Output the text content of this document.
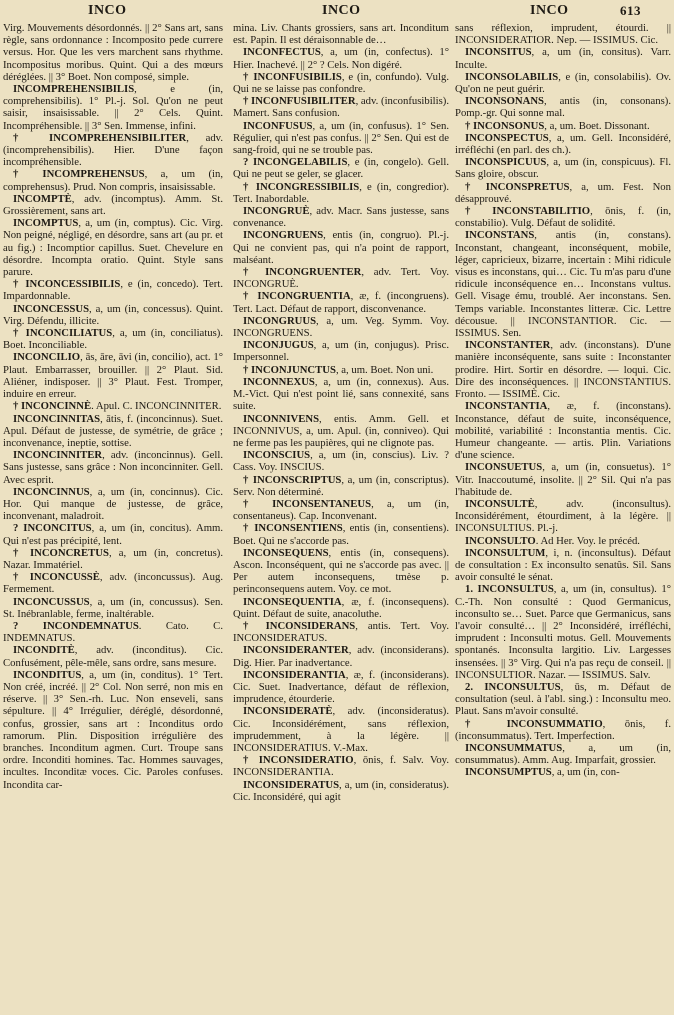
INCO	INCO	INCO	613

Virg. Mouvements désordonnés. || 2° Sans art, sans règle, sans ordonnance : Incomposito pede currere versus. Hor. Que les vers marchent sans rhythme. Incompositus moribus. Quint. Qui a des mœurs déréglées. || 3° Boet. Non composé, simple.

INCOMPREHENSIBILIS, e (in, comprehensibilis). 1° Pl.-j. Sol. Qu'on ne peut saisir, insaisissable. || 2° Cels. Quint. Incompréhensible. || 3° Sen. Immense, infini.

† INCOMPREHENSIBILITER, adv. (incomprehensibilis). Hier. D'une façon incompréhensible.

† INCOMPREHENSUS, a, um (in, comprehensus). Prud. Non compris, insaisissable.

INCOMPTÈ, adv. (incomptus). Amm. St. Grossièrement, sans art.

INCOMPTUS, a, um (in, comptus). Cic. Virg. Non peigné, négligé, en désordre, sans art (au pr. et au fig.) : Incomptior capillus. Suet. Chevelure en désordre. Incompta oratio. Quint. Style sans parure.

† INCONCESSIBILIS, e (in, concedo). Tert. Impardonnable.

INCONCESSUS, a, um (in, concessus). Quint. Virg. Défendu, illicite.

† INCONCILIATUS, a, um (in, conciliatus). Boet. Inconciliable.

INCONCILIO, ās, āre, āvi (in, concilio), act. 1° Plaut. Embarrasser, brouiller. || 2° Plaut. Sid. Aliéner, indisposer. || 3° Plaut. Fest. Tromper, induire en erreur.

† INCONCINNÈ. Apul. C. INCONCINNITER.

INCONCINNITAS, ātis, f. (inconcinnus). Suet. Apul. Défaut de justesse, de symétrie, de grâce ; inconvenance, ineptie, sottise.

INCONCINNITER, adv. (inconcinnus). Gell. Sans justesse, sans grâce : Non inconcinniter. Gell. Avec esprit.

INCONCINNUS, a, um (in, concinnus). Cic. Hor. Qui manque de justesse, de grâce, inconvenant, maladroit.

? INCONCITUS, a, um (in, concitus). Amm. Qui n'est pas précipité, lent.

† INCONCRETUS, a, um (in, concretus). Nazar. Immatériel.

† INCONCUSSÈ, adv. (inconcussus). Aug. Fermement.

INCONCUSSUS, a, um (in, concussus). Sen. St. Inébranlable, ferme, inaltérable.

? INCONDEMNATUS. Cato. C. INDEMNATUS.

INCONDITÈ, adv. (inconditus). Cic. Confusément, pêle-mêle, sans ordre, sans mesure.

INCONDITUS, a, um (in, conditus). 1° Tert. Non créé, incréé. || 2° Col. Non serré, non mis en réserve. || 3° Sen.-rh. Luc. Non enseveli, sans sépulture. || 4° Irrégulier, déréglé, désordonné, confus, grossier, sans art : Inconditus ordo ramorum. Plin. Disposition irrégulière des branches. Inconditum agmen. Curt. Troupe sans ordre. Inconditi homines. Tac. Hommes sauvages, incultes. Inconditæ voces. Cic. Paroles confuses. Incondita car-

mina. Liv. Chants grossiers, sans art. Inconditum est. Papin. Il est déraisonnable de…

INCONFECTUS, a, um (in, confectus). 1° Hier. Inachevé. || 2° ? Cels. Non digéré.

† INCONFUSIBILIS, e (in, confundo). Vulg. Qui ne se laisse pas confondre.

† INCONFUSIBILITER, adv. (inconfusibilis). Mamert. Sans confusion.

INCONFUSUS, a, um (in, confusus). 1° Sen. Régulier, qui n'est pas confus. || 2° Sen. Qui est de sang-froid, qui ne se trouble pas.

? INCONGELABILIS, e (in, congelo). Gell. Qui ne peut se geler, se glacer.

† INCONGRESSIBILIS, e (in, congredior). Tert. Inabordable.

INCONGRUÈ, adv. Macr. Sans justesse, sans convenance.

INCONGRUENS, entis (in, congruo). Pl.-j. Qui ne convient pas, qui n'a point de rapport, malséant.

† INCONGRUENTER, adv. Tert. Voy. INCONGRUÈ.

† INCONGRUENTIA, æ, f. (incongruens). Tert. Lact. Défaut de rapport, disconvenance.

INCONGRUUS, a, um. Veg. Symm. Voy. INCONGRUENS.

INCONJUGUS, a, um (in, conjugus). Prisc. Impersonnel.

† INCONJUNCTUS, a, um. Boet. Non uni.

INCONNEXUS, a, um (in, connexus). Aus. M.-Vict. Qui n'est point lié, sans connexité, sans suite.

INCONNIVENS, entis. Amm. Gell. et INCONNIVUS, a, um. Apul. (in, conniveo). Qui ne ferme pas les paupières, qui ne clignote pas.

INCONSCIUS, a, um (in, conscius). Liv. ? Cass. Voy. INSCIUS.

† INCONSCRIPTUS, a, um (in, conscriptus). Serv. Non déterminé.

† INCONSENTANEUS, a, um (in, consentaneus). Cap. Inconvenant.

† INCONSENTIENS, entis (in, consentiens). Boet. Qui ne s'accorde pas.

INCONSEQUENS, entis (in, consequens). Ascon. Inconséquent, qui ne s'accorde pas avec. || Per autem inconsequens, tmèse p. perinconsequens autem. Voy. ce mot.

INCONSEQUENTIA, æ, f. (inconsequens). Quint. Défaut de suite, anacoluthe.

† INCONSIDERANS, antis. Tert. Voy. INCONSIDERATUS.

INCONSIDERANTER, adv. (inconsiderans). Dig. Hier. Par inadvertance.

INCONSIDERANTIA, æ, f. (inconsiderans). Cic. Suet. Inadvertance, défaut de réflexion, imprudence, étourderie.

INCONSIDERATÈ, adv. (inconsideratus). Cic. Inconsidérément, sans réflexion, imprudemment, à la légère. || INCONSIDERATIUS. V.-Max.

† INCONSIDERATIO, ōnis, f. Salv. Voy. INCONSIDERANTIA.

INCONSIDERATUS, a, um (in, consideratus). Cic. Inconsidéré, qui agit

sans réflexion, imprudent, étourdi. || INCONSIDERATIOR. Nep. — ISSIMUS. Cic.

INCONSITUS, a, um (in, consitus). Varr. Inculte.

INCONSOLABILIS, e (in, consolabilis). Ov. Qu'on ne peut guérir.

INCONSONANS, antis (in, consonans). Pomp.-gr. Qui sonne mal.

† INCONSONUS, a, um. Boet. Dissonant.

INCONSPECTUS, a, um. Gell. Inconsidéré, irréfléchi (en parl. des ch.).

INCONSPICUUS, a, um (in, conspicuus). Fl. Sans gloire, obscur.

† INCONSPRETUS, a, um. Fest. Non désapprouvé.

† INCONSTABILITIO, ōnis, f. (in, constabilio). Vulg. Défaut de solidité.

INCONSTANS, antis (in, constans). Inconstant, changeant, inconséquent, mobile, léger, capricieux, bizarre, incertain : Mihi ridicule visus es inconstans, qui… Cic. Tu m'as paru d'une ridicule inconséquence en… Inconstans vultus. Gell. Visage ému, troublé. Aer inconstans. Sen. Temps variable. Inconstantes litteræ. Cic. Lettre décousue. || INCONSTANTIOR. Cic. — ISSIMUS. Sen.

INCONSTANTER, adv. (inconstans). D'une manière inconséquente, sans suite : Inconstanter prodire. Hirt. Sortir en désordre. — loqui. Cic. Dire des inconséquences. || INCONSTANTIUS. Fronto. — ISSIMÈ. Cic.

INCONSTANTIA, æ, f. (inconstans). Inconstance, défaut de suite, inconséquence, mobilité, variabilité : Inconstantia mentis. Cic. Humeur changeante. — artis. Plin. Variations d'une science.

INCONSUETUS, a, um (in, consuetus). 1° Vitr. Inaccoutumé, insolite. || 2° Sil. Qui n'a pas l'habitude de.

INCONSULTÈ, adv. (inconsultus). Inconsidérément, étourdiment, à la légère. || INCONSULTIUS. Pl.-j.

INCONSULTO. Ad Her. Voy. le précéd.

INCONSULTUM, i, n. (inconsultus). Défaut de consultation : Ex inconsulto senatûs. Sil. Sans avoir consulté le sénat.

1. INCONSULTUS, a, um (in, consultus). 1° C.-Th. Non consulté : Quod Germanicus, inconsulto se… Suet. Parce que Germanicus, sans l'avoir consulté… || 2° Inconsidéré, irréfléchi, imprudent : Inconsulti motus. Gell. Mouvements spontanés. Inconsulta largitio. Liv. Largesses insensées. || 3° Virg. Qui n'a pas reçu de conseil. || INCONSULTIOR. Nazar. — ISSIMUS. Salv.

2. INCONSULTUS, ūs, m. Défaut de consultation (seul. à l'abl. sing.) : Inconsultu meo. Plaut. Sans m'avoir consulté.

† INCONSUMMATIO, ōnis, f. (inconsummatus). Tert. Imperfection.

INCONSUMMATUS, a, um (in, consummatus). Amm. Aug. Imparfait, grossier.

INCONSUMPTUS, a, um (in, con-
